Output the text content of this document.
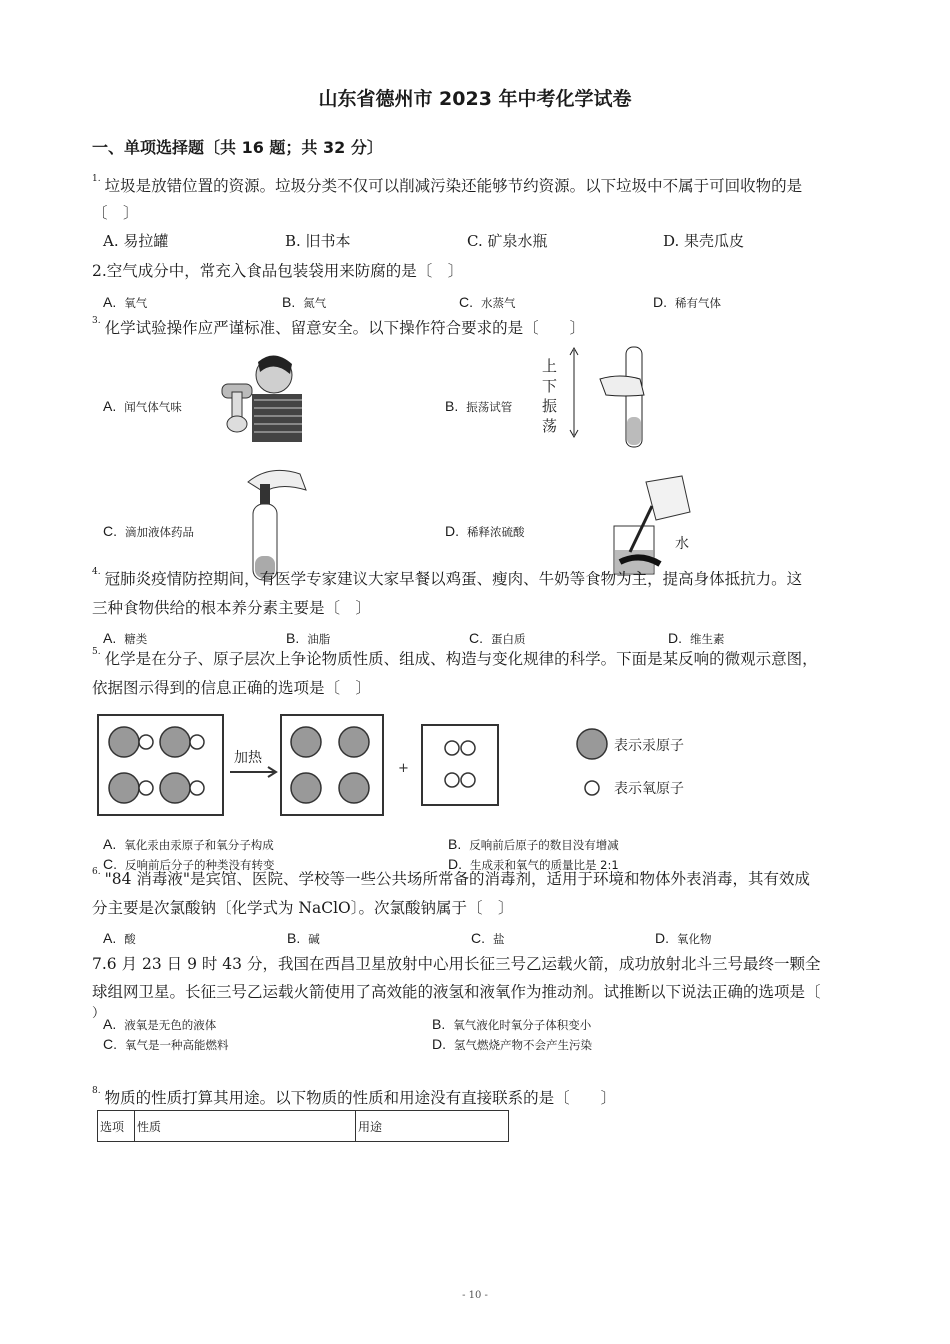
山东省德州市 2023 年中考化学试卷
一、单项选择题〔共 16 题；共 32 分〕
$^{1.}$ 垃圾是放错位置的资源。垃圾分类不仅可以削减污染还能够节约资源。以下垃圾中不属于可回收物的是
〔　〕
A. 易拉罐	B. 旧书本	C. 矿泉水瓶	D. 果壳瓜皮
2.空气成分中，常充入食品包装袋用来防腐的是〔　〕
A. 氧气	B. 氮气	C. 水蒸气	D. 稀有气体
$^{3.}$ 化学试验操作应严谨标准、留意安全。以下操作符合要求的是〔　　〕
A. 闻气体气味	B. 振荡试管
C. 滴加液体药品	D. 稀释浓硫酸
上
下
振
荡
水
$^{4.}$ 冠肺炎疫情防控期间，有医学专家建议大家早餐以鸡蛋、瘦肉、牛奶等食物为主，提高身体抵抗力。这
三种食物供给的根本养分素主要是〔　〕
A. 糖类	B. 油脂	C. 蛋白质	D. 维生素
$^{5.}$ 化学是在分子、原子层次上争论物质性质、组成、构造与变化规律的科学。下面是某反响的微观示意图，
依据图示得到的信息正确的选项是〔　〕
加热
+
表示汞原子
表示氧原子
A. 氧化汞由汞原子和氧分子构成	B. 反响前后原子的数目没有增减
C. 反响前后分子的种类没有转变	D. 生成汞和氧气的质量比是 2:1
$^{6.}$ "84 消毒液"是宾馆、医院、学校等一些公共场所常备的消毒剂，适用于环境和物体外表消毒，其有效成
分主要是次氯酸钠〔化学式为 NaClO〕。次氯酸钠属于〔　〕
A. 酸	B. 碱	C. 盐	D. 氧化物
7.6 月 23 日 9 时 43 分，我国在西昌卫星放射中心用长征三号乙运载火箭，成功放射北斗三号最终一颗全
球组网卫星。长征三号乙运载火箭使用了高效能的液氢和液氧作为推动剂。试推断以下说法正确的选项是〔
）
A. 液氧是无色的液体	B. 氧气液化时氧分子体积变小
C. 氧气是一种高能燃料	D. 氢气燃烧产物不会产生污染
$^{8.}$ 物质的性质打算其用途。以下物质的性质和用途没有直接联系的是〔　　〕
选项	性质	用途
- 10 -
